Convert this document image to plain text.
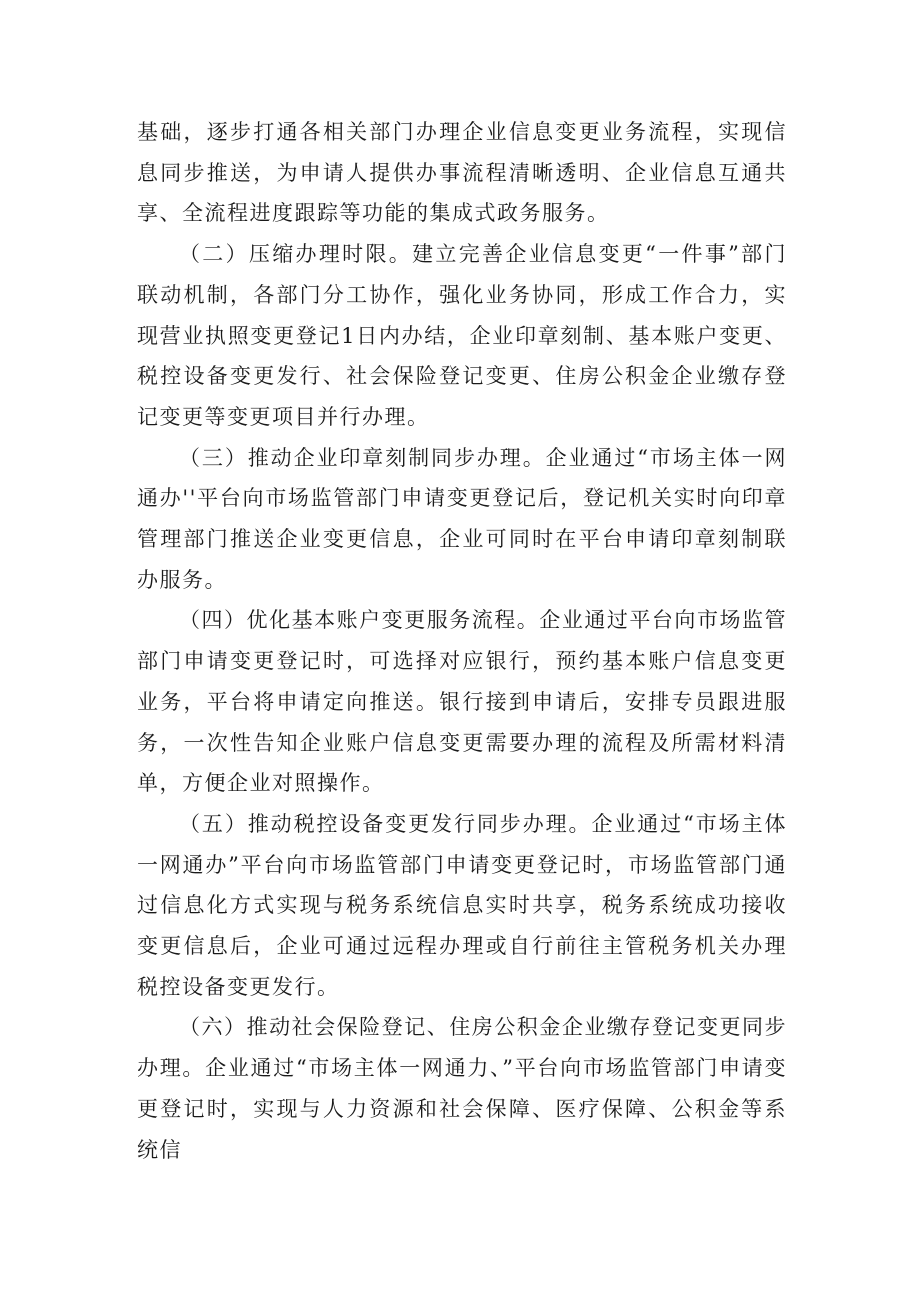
基础，逐步打通各相关部门办理企业信息变更业务流程，实现信息同步推送，为申请人提供办事流程清晰透明、企业信息互通共享、全流程进度跟踪等功能的集成式政务服务。

（二）压缩办理时限。建立完善企业信息变更“一件事”部门联动机制，各部门分工协作，强化业务协同，形成工作合力，实现营业执照变更登记1日内办结，企业印章刻制、基本账户变更、税控设备变更发行、社会保险登记变更、住房公积金企业缴存登记变更等变更项目并行办理。

（三）推动企业印章刻制同步办理。企业通过“市场主体一网通办''平台向市场监管部门申请变更登记后，登记机关实时向印章管理部门推送企业变更信息，企业可同时在平台申请印章刻制联办服务。

（四）优化基本账户变更服务流程。企业通过平台向市场监管部门申请变更登记时，可选择对应银行，预约基本账户信息变更业务，平台将申请定向推送。银行接到申请后，安排专员跟进服务，一次性告知企业账户信息变更需要办理的流程及所需材料清单，方便企业对照操作。

（五）推动税控设备变更发行同步办理。企业通过“市场主体一网通办”平台向市场监管部门申请变更登记时，市场监管部门通过信息化方式实现与税务系统信息实时共享，税务系统成功接收变更信息后，企业可通过远程办理或自行前往主管税务机关办理税控设备变更发行。

（六）推动社会保险登记、住房公积金企业缴存登记变更同步办理。企业通过“市场主体一网通力、”平台向市场监管部门申请变更登记时，实现与人力资源和社会保障、医疗保障、公积金等系统信
